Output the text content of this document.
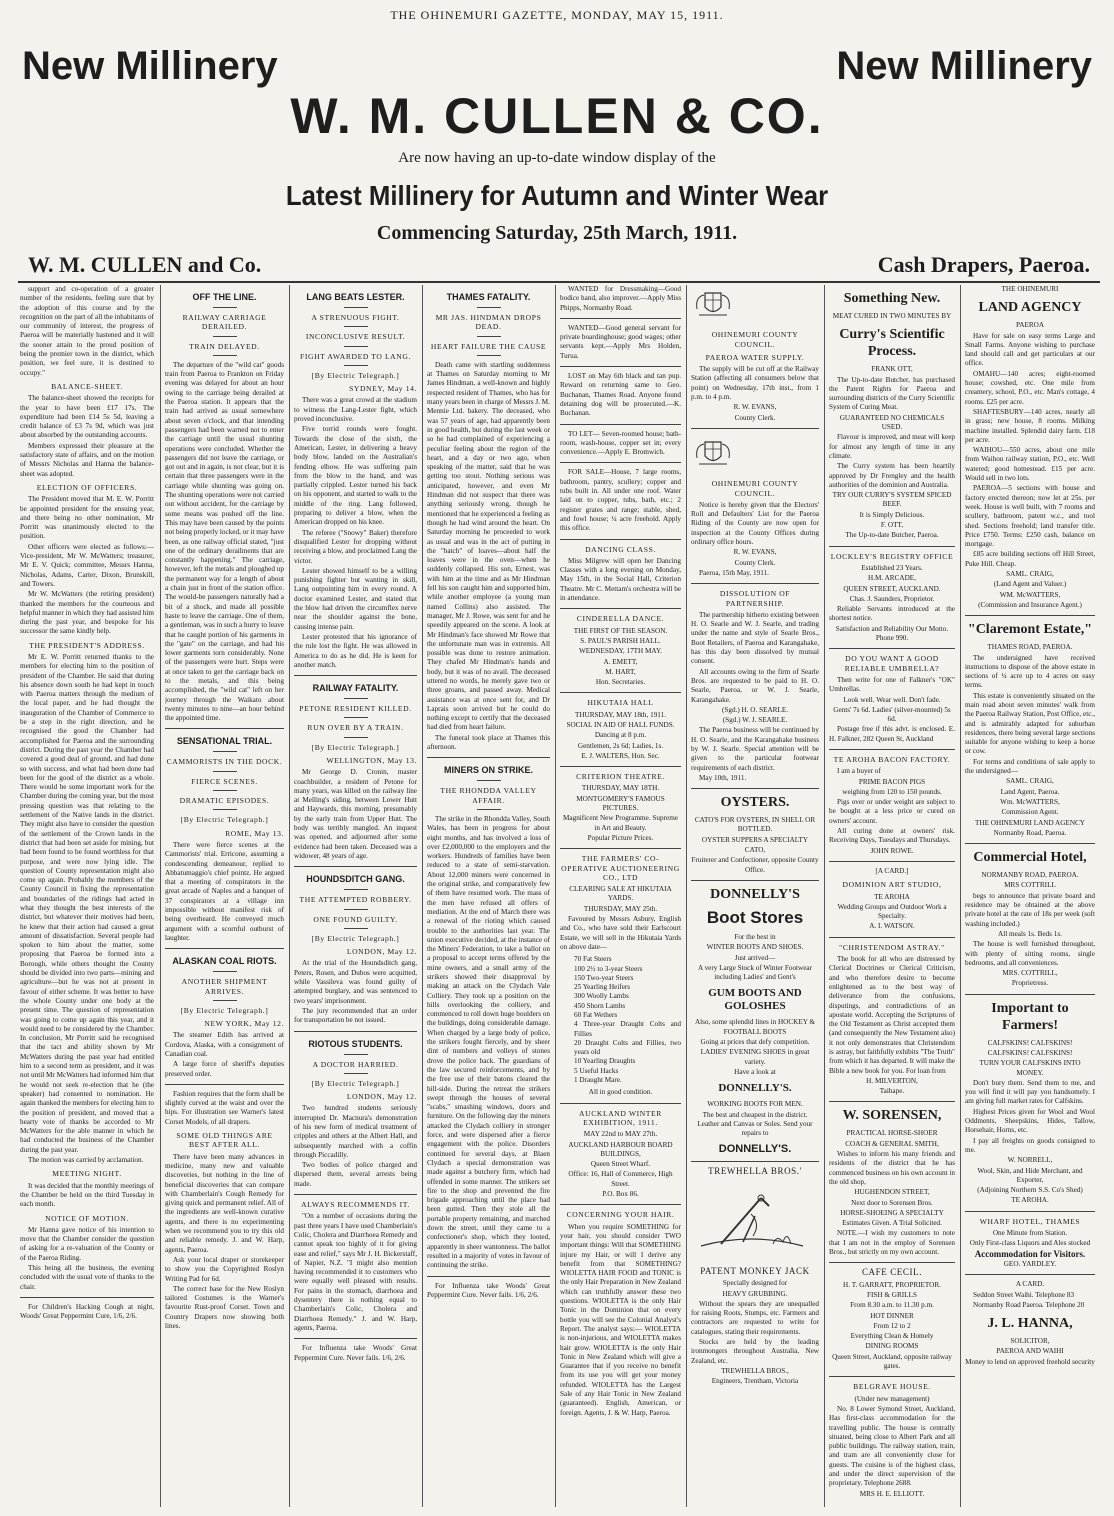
THE OHINEMURI GAZETTE, MONDAY, MAY 15, 1911.
New Millinery	New Millinery
W. M. CULLEN & CO.
Are now having an up-to-date window display of the
Latest Millinery for Autumn and Winter Wear
Commencing Saturday, 25th March, 1911.
W. M. CULLEN and Co.	Cash Drapers, Paeroa.

support and co-operation of a greater number of the residents, feeling sure that by the adoption of this course and by the recognition on the part of all the inhabitants of our community of interest, the progress of Paeroa will be materially hastened and it will the sooner attain to the proud position of being the premier town in the district, which position, we feel sure, it is destined to occupy."

BALANCE-SHEET.

The balance-sheet showed the receipts for the year to have been £17 17s. The expenditure had been £14 5s 5d, leaving a credit balance of £3 7s 9d, which was just about absorbed by the outstanding accounts.

Members expressed their pleasure at the satisfactory state of affairs, and on the motion of Messrs Nicholas and Hanna the balance-sheet was adopted.

ELECTION OF OFFICERS.

The President moved that M. E. W. Porritt be appointed president for the ensuing year, and there being no other nomination, Mr Porritt was unanimously elected to the position.

Other officers were elected as follows:—Vice-president, Mr W. McWatters; treasurer, Mr E. V. Quick; committee, Messrs Hanna, Nicholas, Adams, Carter, Dixon, Brunskill, and Towers.

Mr W. McWatters (the retiring president) thanked the members for the courteous and helpful manner in which they had assisted him during the past year, and bespoke for his successor the same kindly help.

THE PRESIDENT'S ADDRESS.

Mr E. W. Porritt returned thanks to the members for electing him to the position of president of the Chamber. He said that during his absence down south he had kept in touch with Paeroa matters through the medium of the local paper, and he had thought the inauguration of the Chamber of Commerce to be a step in the right direction, and he recognised the good the Chamber had accomplished for Paeroa and the surrounding district. During the past year the Chamber had covered a good deal of ground, and had done so with success, and what had been done had been for the good of the district as a whole. There would be some important work for the Chamber during the coming year, but the most pressing question was that relating to the settlement of the Native lands in the district. They might also have to consider the question of the settlement of the Crown lands in the district that had been set aside for mining, but had been found to be found worthless for that purpose, and were now lying idle. The question of County representation might also come up again. Probably the members of the County Council in fixing the representation and boundaries of the ridings had acted in what they thought the best interests of the district, but whatever their motives had been, he knew that their action had caused a great amount of dissatisfaction. Several people had spoken to him about the matter, some proposing that Paeroa be formed into a Borough, while others thought the County should be divided into two parts—mining and agriculture—but he was not at present in favour of either scheme. It was better to have the whole County under one body at the present time. The question of representation was going to come up again this year, and it would need to be considered by the Chamber. In conclusion, Mr Porritt said he recognised that the tact and ability shown by Mr McWatters during the past year had entitled him to a second term as president, and it was not until Mr McWatters had informed him that he would not seek re-election that he (the speaker) had consented to nomination. He again thanked the members for electing him to the position of president, and moved that a hearty vote of thanks be accorded to Mr McWatters for the able manner in which he had conducted the business of the Chamber during the past year.

The motion was carried by acclamation.

MEETING NIGHT.

It was decided that the monthly meetings of the Chamber be held on the third Tuesday in each month.

NOTICE OF MOTION.

Mr Hanna gave notice of his intention to move that the Chamber consider the question of asking for a re-valuation of the County or of the Paeroa Riding.

This being all the business, the evening concluded with the usual vote of thanks to the chair.

For Children's Hacking Cough at night, Woods' Great Peppermint Cure, 1/6, 2/6.

OFF THE LINE.
RAILWAY CARRIAGE DERAILED.
TRAIN DELAYED.

The departure of the "wild cat" goods train from Paeroa to Frankton on Friday evening was delayed for about an hour owing to the carriage being derailed at the Paeroa station. It appears that the train had arrived as usual somewhere about seven o'clock, and that intending passengers had been warned not to enter the carriage until the usual shunting operations were concluded. Whether the passengers did not leave the carriage, or got out and in again, is not clear, but it is certain that three passengers were in the carriage while shunting was going on. The shunting operations were not carried out without accident, for the carriage by some means was pushed off the line. This may have been caused by the points not being properly locked, or it may have been, as one railway official stated, "just one of the ordinary derailments that are constantly happening." The carriage, however, left the metals and ploughed up the permanent way for a length of about a chain just in front of the station office. The would-be passengers naturally had a bit of a shock, and made all possible haste to leave the carriage. One of them, a gentleman, was in such a hurry to leave that he caught portion of his garments in the "gate" on the carriage, and had his lower garments torn considerably. None of the passengers were hurt. Steps were at once taken to get the carriage back on to the metals, and this being accomplished, the "wild cat" left on her journey through the Waikato about twenty minutes to nine—an hour behind the appointed time.

SENSATIONAL TRIAL.
CAMMORISTS IN THE DOCK.
FIERCE SCENES.
DRAMATIC EPISODES.
[By Electric Telegraph.]
ROME, May 13.

There were fierce scenes at the Cammorists' trial. Erricone, assuming a condescending demeanour, replied to Abbatumaggio's chief pointz. He argued that a meeting of conspirators in the great arcade of Naples and a banquet of 37 conspirators at a village inn impossible without manifest risk of being overheard. He conveyed much argument with a scornful outburst of laughter.

ALASKAN COAL RIOTS.
ANOTHER SHIPMENT ARRIVES.
[By Electric Telegraph.]
NEW YORK, May 12.

The steamer Edith has arrived at Cordova, Alaska, with a consignment of Canadian coal.

A large force of sheriff's deputies preserved order.

Fashion requires that the form shall be slightly curved at the waist and over the hips. For illustration see Warner's latest Corset Models, of all drapers.

SOME OLD THINGS ARE BEST AFTER ALL.

There have been many advances in medicine, many new and valuable discoveries, but nothing in the line of beneficial discoveries that can compare with Chamberlain's Cough Remedy for giving quick and permanent relief. All of the ingredients are well-known curative agents, and there is no experimenting when we recommend you to try this old and reliable remedy. J. and W. Harp, agents, Paeroa.

Ask your local draper or storekeeper to show you the Copyrighted Roslyn Writing Pad for 6d.

The correct base for the New Roslyn tailored Costumes is the Warner's favourite Rust-proof Corset. Town and Country Drapers now showing both lines.

LANG BEATS LESTER.
A STRENUOUS FIGHT.
INCONCLUSIVE RESULT.
FIGHT AWARDED TO LANG.
[By Electric Telegraph.]
SYDNEY, May 14.

There was a great crowd at the stadium to witness the Lang-Lester fight, which proved inconclusive.

Five torrid rounds were fought. Towards the close of the sixth, the American, Lester, in delivering a heavy body blow, landed on the Australian's fending elbow. He was suffering pain from the blow to the hand, and was partially crippled. Lester turned his back on his opponent, and started to walk to the middle of the ring. Lang followed, preparing to deliver a blow, when the American dropped on his knee.

The referee ("Snowy" Baker) therefore disqualified Lester for dropping without receiving a blow, and proclaimed Lang the victor.

Lester showed himself to be a willing punishing fighter but wanting in skill, Lang outpointing him in every round. A doctor examined Lester, and stated that the blow had driven the circumflex nerve near the shoulder against the bone, causing intense pain.

Lester protested that his ignorance of the rule lost the fight. He was allowed in America to do as he did. He is keen for another match.

RAILWAY FATALITY.
PETONE RESIDENT KILLED.
RUN OVER BY A TRAIN.
[By Electric Telegraph.]
WELLINGTON, May 13.

Mr George D. Cronin, master coachbuilder, a resident of Petone for many years, was killed on the railway line at Melling's siding, between Lower Hutt and Haywards, this morning, presumably by the early train from Upper Hutt. The body was terribly mangled. An inquest was opened, and adjourned after some evidence had been taken. Deceased was a widower, 48 years of age.

HOUNDSDITCH GANG.
THE ATTEMPTED ROBBERY.
ONE FOUND GUILTY.
[By Electric Telegraph.]
LONDON, May 12.

At the trial of the Houndsditch gang, Peters, Rosen, and Dubos were acquitted, while Vassileva was found guilty of attempted burglary, and was sentenced to two years' imprisonment.

The jury recommended that an order for transportation be not issued.

RIOTOUS STUDENTS.
A DOCTOR HARRIED.
[By Electric Telegraph.]
LONDON, May 12.

Two hundred students seriously interrupted Dr. Macnura's demonstration of his new form of medical treatment of cripples and others at the Albert Hall, and subsequently marched with a coffin through Piccadilly.

Two bodies of police charged and dispersed them, several arrests being made.

ALWAYS RECOMMENDS IT.

"On a number of occasions during the past three years I have used Chamberlain's Colic, Cholera and Diarrhoea Remedy and cannot speak too highly of it for giving ease and relief," says Mr J. H. Bickerstaff, of Napier, N.Z. "I might also mention having recommended it to customers who were equally well pleased with results. For pains in the stomach, diarrhoea and dysentery there is nothing equal to Chamberlain's Colic, Cholera and Diarrhoea Remedy." J. and W. Harp, agents, Paeroa.

For Influenza take Woods' Great Peppermint Cure. Never fails. 1/6, 2/6.

THAMES FATALITY.
MR JAS. HINDMAN DROPS DEAD.
HEART FAILURE THE CAUSE

Death came with startling suddenness at Thames on Saturday morning to Mr James Hindman, a well-known and highly respected resident of Thames, who has for many years been in charge of Messrs J. M. Mennie Ltd. bakery. The deceased, who was 57 years of age, had apparently been in good health, but during the last week or so he had complained of experiencing a peculiar feeling about the region of the heart, and a day or two ago, when speaking of the matter, said that he was getting too stout. Nothing serious was anticipated, however, and even Mr Hindman did not suspect that there was anything seriously wrong, though he mentioned that he experienced a feeling as though he had wind around the heart. On Saturday morning he proceeded to work as usual and was in the act of putting in the "batch" of loaves—about half the loaves were in the oven—when he suddenly collapsed. His son, Ernest, was with him at the time and as Mr Hindman fell his son caught him and supported him, while another employee (a young man named Collins) also assisted. The manager, Mr J. Rowe, was sent for and he speedily appeared on the scene. A look at Mr Hindman's face showed Mr Rowe that the unfortunate man was in extremis. All possible was done to restore animation. They chafed Mr Hindman's hands and body, but it was of no avail. The deceased uttered no words, he merely gave two or three groans, and passed away. Medical assistance was at once sent for, and Dr Laprais soon arrived but he could do nothing except to certify that the deceased had died from heart failure.

The funeral took place at Thames this afternoon.

MINERS ON STRIKE.
THE RHONDDA VALLEY AFFAIR.

The strike in the Rhondda Valley, South Wales, has been in progress for about eight months, and has involved a loss of over £2,000,000 to the employers and the workers. Hundreds of families have been reduced to a state of semi-starvation. About 12,000 miners were concerned in the original strike, and comparatively few of them have resumed work. The mass of the men have refused all offers of mediation. At the end of March there was a renewal of the rioting which caused trouble to the authorities last year. The union executive decided, at the instance of the Miners' Federation, to take a ballot on a proposal to accept terms offered by the mine owners, and a small army of the strikers showed their disapproval by making an attack on the Clydach Vale Colliery. They took up a position on the hills overlooking the colliery, and commenced to roll down huge boulders on the buildings, doing considerable damage. When charged by a large body of police, the strikers fought fiercely, and by sheer dint of numbers and volleys of stones drove the police back. The guardians of the law secured reinforcements, and by the free use of their batons cleared the hill-side. During the retreat the strikers swept through the houses of several "scabs," smashing windows, doors and furniture. On the following day the miners attacked the Clydach colliery in stronger force, and were dispersed after a fierce engagement with the police. Disorders continued for several days, at Blaen Clydach a special demonstration was made against a butchery firm, which had offended in some manner. The strikers set fire to the shop and prevented the fire brigade approaching until the place had been gutted. Then they stole all the portable property remaining, and marched down the street, until they came to a confectioner's shop, which they looted, apparently in sheer wantonness. The ballot resulted in a majority of votes in favour of continuing the strike.

For Influenza take Woods' Great Peppermint Cure. Never fails. 1/6, 2/6.

WANTED for Dressmaking—Good bodice hand, also improver.—Apply Miss Phipps, Normanby Road.

WANTED—Good general servant for private boardinghouse; good wages; other servants kept.—Apply Mrs Holden, Turua.

LOST on May 6th black and tan pup. Reward on returning same to Geo. Buchanan, Thames Road. Anyone found detaining dog will be prosecuted.—K. Buchanan.

TO LET— Seven-roomed house; bath-room, wash-house, copper set in; every convenience.—Apply E. Bromwich.

FOR SALE—House, 7 large rooms, bathroom, pantry, scullery; copper and tubs built in. All under one roof. Water laid on to copper, tubs, bath, etc.; 2 register grates and range; stable, shed, and fowl house; ¼ acre freehold. Apply this office.

DANCING CLASS.

Miss Milgrew will open her Dancing Classes with a long evening on Monday, May 15th, in the Social Hall, Criterion Theatre. Mr C. Mettam's orchestra will be in attendance.

CINDERELLA DANCE.

THE FIRST OF THE SEASON.

S. PAUL'S PARISH HALL.

WEDNESDAY, 17TH MAY.

A. EMETT,

M. HART,

Hon. Secretaries.

HIKUTAIA HALL

THURSDAY, MAY 18th, 1911.

SOCIAL IN AID OF HALL FUNDS.

Dancing at 8 p.m.

Gentlemen, 2s 6d; Ladies, 1s.

E. J. WALTERS, Hon. Sec.

CRITERION THEATRE.

THURSDAY, MAY 18TH.

MONTGOMERY'S FAMOUS PICTURES.

Magnificent New Programme. Supreme in Art and Beauty.

Popular Picture Prices.

THE FARMERS' CO-OPERATIVE AUCTIONEERING CO., LTD

CLEARING SALE AT HIKUTAIA YARDS.

THURSDAY, MAY 25th.

Favoured by Messrs Asbury, English and Co., who have sold their Earlscourt Estate, we will sell in the Hikutaia Yards on above date—

70 Fat Steers
100 2½ to 3-year Steers
150 Two-year Steers
25 Yearling Heifers
300 Woolly Lambs
450 Shorn Lambs
60 Fat Wethers
4 Three-year Draught Colts and Fillies
20 Draught Colts and Fillies, two years old
10 Yearling Draughts
5 Useful Hacks
1 Draught Mare.

All in good condition.

AUCKLAND WINTER EXHIBITION, 1911.

MAY 22nd to MAY 27th.

AUCKLAND HARBOUR BOARD BUILDINGS,

Queen Street Wharf.

Office: 16, Hall of Commerce, High Street.

P.O. Box 86.

CONCERNING YOUR HAIR.

When you require SOMETHING for your hair, you should consider TWO important things: Will that SOMETHING injure my Hair, or will I derive any benefit from that SOMETHING? WIOLETTA HAIR FOOD and TONIC is the only Hair Preparation in New Zealand which can truthfully answer these two questions. WIOLETTA is the only Hair Tonic in the Dominion that on every bottle you will see the Colonial Analyst's Report. The analyst says:— WIOLETTA is non-injurious, and WIOLETTA makes hair grow. WIOLETTA is the only Hair Tonic in New Zealand which will give a Guarantee that if you receive no benefit from its use you will get your money refunded. WIOLETTA has the Largest Sale of any Hair Tonic in New Zealand (guaranteed). English, American, or foreign. Agents, J. & W. Harp, Paeroa.

OHINEMURI COUNTY COUNCIL.
PAEROA WATER SUPPLY.

The supply will be cut off at the Railway Station (affecting all consumers below that point) on Wednesday, 17th inst., from 1 p.m. to 4 p.m.

R. W. EVANS,

County Clerk.

OHINEMURI COUNTY COUNCIL.

Notice is hereby given that the Electors' Roll and Defaulters' List for the Paeroa Riding of the County are now open for inspection at the County Offices during ordinary office hours.

R. W. EVANS,

County Clerk.

Paeroa, 15th May, 1911.

DISSOLUTION OF PARTNERSHIP.

The partnership hitherto existing between H. O. Searle and W. J. Searle, and trading under the name and style of Searle Bros., Boot Retailers, of Paeroa and Karangahake, has this day been dissolved by mutual consent.

All accounts owing to the firm of Searle Bros. are requested to be paid to H. O. Searle, Paeroa, or W. J. Searle, Karangahake.

(Sgd.) H. O. SEARLE.

(Sgd.) W. J. SEARLE.

The Paeroa business will be continued by H. O. Searle, and the Karangahake business by W. J. Searle. Special attention will be given to the particular footwear requirements of each district.

May 10th, 1911.

OYSTERS.

CATO'S FOR OYSTERS, IN SHELL OR BOTTLED.

OYSTER SUPPERS A SPECIALTY

CATO,

Fruiterer and Confectioner, opposite County Office.

DONNELLY'S
Boot Stores

For the best in

WINTER BOOTS AND SHOES.

Just arrived—

A very Large Stock of Winter Footwear including Ladies' and Gent's

GUM BOOTS AND GOLOSHES

Also, some splendid lines in HOCKEY & FOOTBALL BOOTS

Going at prices that defy competition.

LADIES' EVENING SHOES in great variety.

Have a look at

DONNELLY'S.

WORKING BOOTS FOR MEN.

The best and cheapest in the district. Leather and Canvas or Soles. Send your repairs to

DONNELLY'S.
TREWHELLA BROS.'
PATENT MONKEY JACK

Specially designed for

HEAVY GRUBBING.

Without the spears they are unequalled for raising Roots, Stumps, etc. Farmers and contractors are requested to write for catalogues, stating their requirements.

Stocks are held by the leading ironmongers throughout Australia, New Zealand, etc.

TREWHELLA BROS.,

Engineers, Trentham, Victoria

Something New.

MEAT CURED IN TWO MINUTES BY

Curry's Scientific Process.

FRANK OTT,

The Up-to-date Butcher, has purchased the Patent Rights for Paeroa and surrounding districts of the Curry Scientific System of Curing Meat.

GUARANTEED NO CHEMICALS USED.

Flavour is improved, and meat will keep for almost any length of time in any climate.

The Curry system has been heartily approved by Dr Frengley and the health authorities of the dominion and Australia.

TRY OUR CURRY'S SYSTEM SPICED BEEF.

It is Simply Delicious.

F. OTT,

The Up-to-date Butcher, Paeroa.

LOCKLEY'S REGISTRY OFFICE

Established 23 Years.

H.M. ARCADE,

QUEEN STREET, AUCKLAND.

Chas. J. Saunders, Proprietor.

Reliable Servants introduced at the shortest notice.

Satisfaction and Reliability Our Motto. Phone 990.

DO YOU WANT A GOOD RELIABLE UMBRELLA?

Then write for one of Falkner's "OK" Umbrellas.

Look well. Wear well. Don't fade.

Gents' 7s 6d. Ladies' (silver-mounted) 5s 6d.

Postage free if this advt. is enclosed. E. H. Falkner, 282 Queen St, Auckland

TE AROHA BACON FACTORY.

I am a buyer of

PRIME BACON PIGS

weighing from 120 to 150 pounds.

Pigs over or under weight are subject to be bought at a less price or cured on owners' account.

All curing done at owners' risk. Receiving Days, Tuesdays and Thursdays.

JOHN ROWE.

[A CARD.]

DOMINION ART STUDIO,

TE AROHA

Wedding Groups and Outdoor Work a Specialty.

A. I. WATSON.

"CHRISTENDOM ASTRAY."

The book for all who are distressed by Clerical Doctrines or Clerical Criticism, and who therefore desire to become enlightened as to the best way of deliverance from the confusions, disputings, and contradictions of an apostate world. Accepting the Scriptures of the Old Testament as Christ accepted them (and consequently the New Testament also) it not only demonstrates that Christendom is astray, but faithfully exhibits "The Truth" from which it has departed. It will make the Bible a new book for you. For loan from

H. MILVERTON,

Taihape.

W. SORENSEN,

PRACTICAL HORSE-SHOER

COACH & GENERAL SMITH,

Wishes to inform his many friends and residents of the district that he has commenced business on his own account in the old shop,

HUGHENDON STREET,

Next door to Sorensen Bros.

HORSE-SHOEING A SPECIALTY

Estimates Given. A Trial Solicited.

NOTE.—I wish my customers to note that I am not in the employ of Sorensen Bros., but strictly on my own account.

CAFE CECIL.

H. T. GARRATT, PROPRIETOR.

FISH & GRILLS

From 8.30 a.m. to 11.30 p.m.

HOT DINNER

From 12 to 2

Everything Clean & Homely

DINING ROOMS

Queen Street, Auckland, opposite railway gates.

BELGRAVE HOUSE.

(Under new management)

No. 8 Lower Symond Street, Auckland, Has first-class accommodation for the travelling public. The house is centrally situated, being close to Albert Park and all public buildings. The railway station, train, and tram are all conveniently close for guests. The cuisine is of the highest class, and under the direct supervision of the proprietary. Telephone 2688.

MRS H. E. ELLIOTT.

THE OHINEMURI

LAND AGENCY

PAEROA

Have for sale on easy terms Large and Small Farms. Anyone wishing to purchase land should call and get particulars at our office.

OMAHU—140 acres; eight-roomed house; cowshed, etc. One mile from creamery, school, P.O., etc. Man's cottage, 4 rooms. £25 per acre.

SHAFTESBURY—140 acres, nearly all in grass; new house, 8 rooms. Milking machine installed. Splendid dairy farm. £18 per acre.

WAIHOU—550 acres, about one mile from Waihou railway station, P.O., etc. Well watered; good homestead. £15 per acre. Would sell in two lots.

PAEROA—5 sections with house and factory erected thereon; now let at 25s. per week. House is well built, with 7 rooms and scullery, bathroom, patent w.c., and tool shed. Sections freehold; land transfer title. Price £750. Terms: £250 cash, balance on mortgage.

£85 acre building sections off Hill Street, Puke Hill. Cheap.

SAML. CRAIG,

(Land Agent and Valuer.)

WM. McWATTERS,

(Commission and Insurance Agent.)

"Claremont Estate,"

THAMES ROAD, PAEROA.

The undersigned have received instructions to dispose of the above estate in sections of ¼ acre up to 4 acres on easy terms.

This estate is conveniently situated on the main road about seven minutes' walk from the Paeroa Railway Station, Post Office, etc., and is admirably adapted for suburban residences, there being several large sections suitable for anyone wishing to keep a horse or cow.

For terms and conditions of sale apply to the undersigned—

SAML. CRAIG,

Land Agent, Paeroa.

Wm. McWATTERS,

Commission Agent.

THE OHINEMURI LAND AGENCY

Normanby Road, Paeroa.

Commercial Hotel,

NORMANBY ROAD, PAEROA.

MRS COTTRILL

begs to announce that private board and residence may be obtained at the above private hotel at the rate of 18s per week (soft washing included.)

All meals 1s. Beds 1s.

The house is well furnished throughout, with plenty of sitting rooms, single bedrooms, and all conveniences.

MRS. COTTRILL,

Proprietress.

Important to Farmers!

CALFSKINS! CALFSKINS!

CALFSKINS! CALFSKINS!

TURN YOUR CALFSKINS INTO MONEY.

Don't bury them. Send them to me, and you will find it will pay you handsomely. I am giving full market rates for Calfskins.

Highest Prices given for Wool and Wool Oddments, Sheepskins, Hides, Tallow, Horsehair, Horns, etc.

I pay all freights on goods consigned to me.

W. NORRELL,

Wool, Skin, and Hide Merchant, and Exporter,

(Adjoining Northern S.S. Co's Shed)

TE AROHA.

WHARF HOTEL, THAMES

One Minute from Station.

Only First-class Liquors and Ales stocked

Accommodation for Visitors.

GEO. YARDLEY.

A CARD.

Seddon Street Waihi. Telephone 83

Normanby Road Paeroa. Telephone 20

J. L. HANNA,

SOLICITOR,

PAEROA AND WAIHI

Money to lend on approved freehold security
